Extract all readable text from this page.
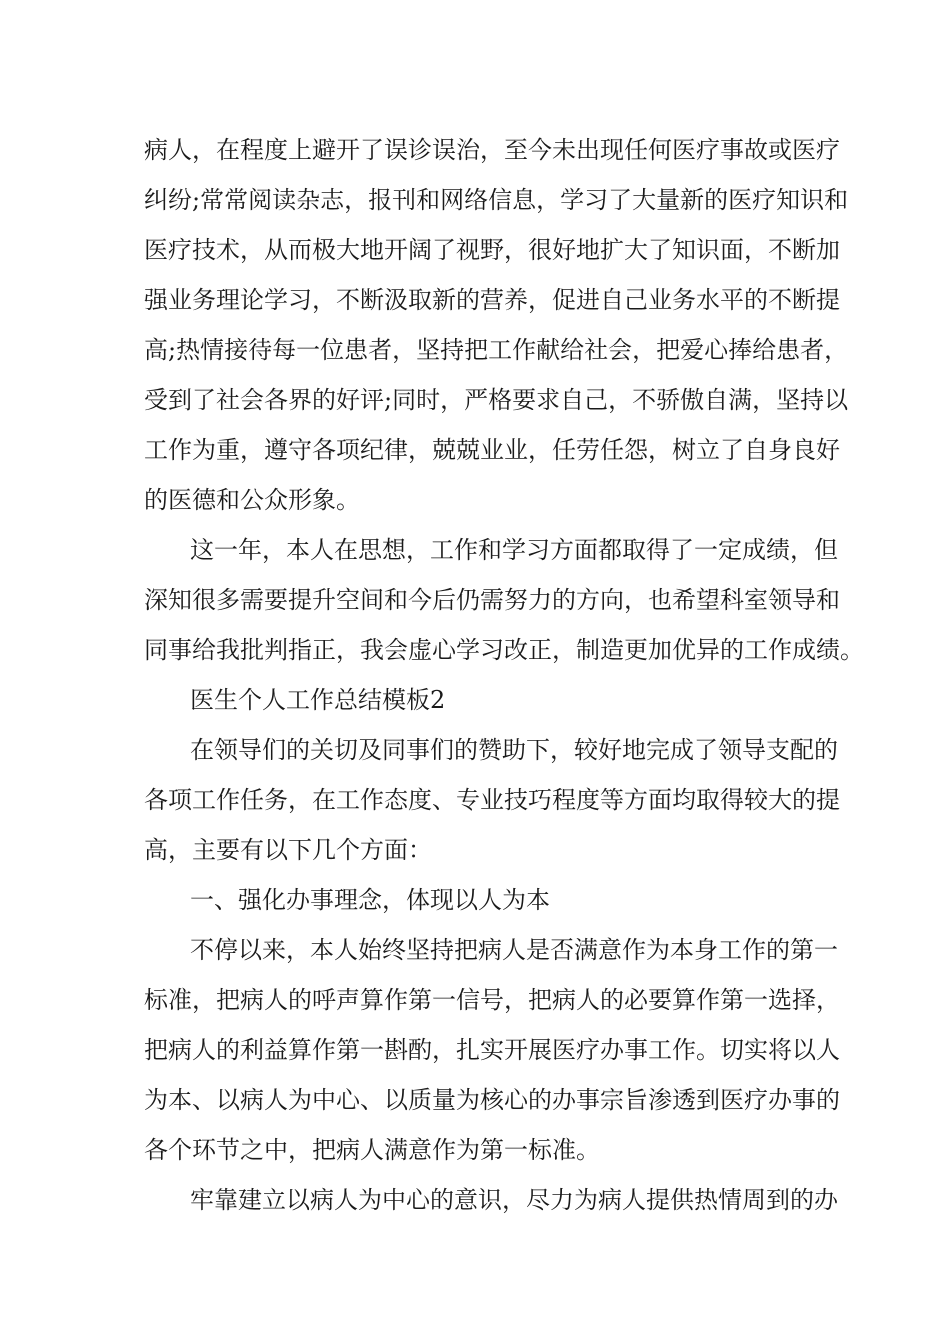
病人，在程度上避开了误诊误治，至今未出现任何医疗事故或医疗
纠纷;常常阅读杂志，报刊和网络信息，学习了大量新的医疗知识和
医疗技术，从而极大地开阔了视野，很好地扩大了知识面，不断加
强业务理论学习，不断汲取新的营养，促进自己业务水平的不断提
高;热情接待每一位患者，坚持把工作献给社会，把爱心捧给患者，
受到了社会各界的好评;同时，严格要求自己，不骄傲自满，坚持以
工作为重，遵守各项纪律，兢兢业业，任劳任怨，树立了自身良好
的医德和公众形象。
这一年，本人在思想，工作和学习方面都取得了一定成绩，但
深知很多需要提升空间和今后仍需努力的方向，也希望科室领导和
同事给我批判指正，我会虚心学习改正，制造更加优异的工作成绩。
医生个人工作总结模板2
在领导们的关切及同事们的赞助下，较好地完成了领导支配的
各项工作任务，在工作态度、专业技巧程度等方面均取得较大的提
高，主要有以下几个方面：
一、强化办事理念，体现以人为本
不停以来，本人始终坚持把病人是否满意作为本身工作的第一
标准，把病人的呼声算作第一信号，把病人的必要算作第一选择，
把病人的利益算作第一斟酌，扎实开展医疗办事工作。切实将以人
为本、以病人为中心、以质量为核心的办事宗旨渗透到医疗办事的
各个环节之中，把病人满意作为第一标准。
牢靠建立以病人为中心的意识，尽力为病人提供热情周到的办
